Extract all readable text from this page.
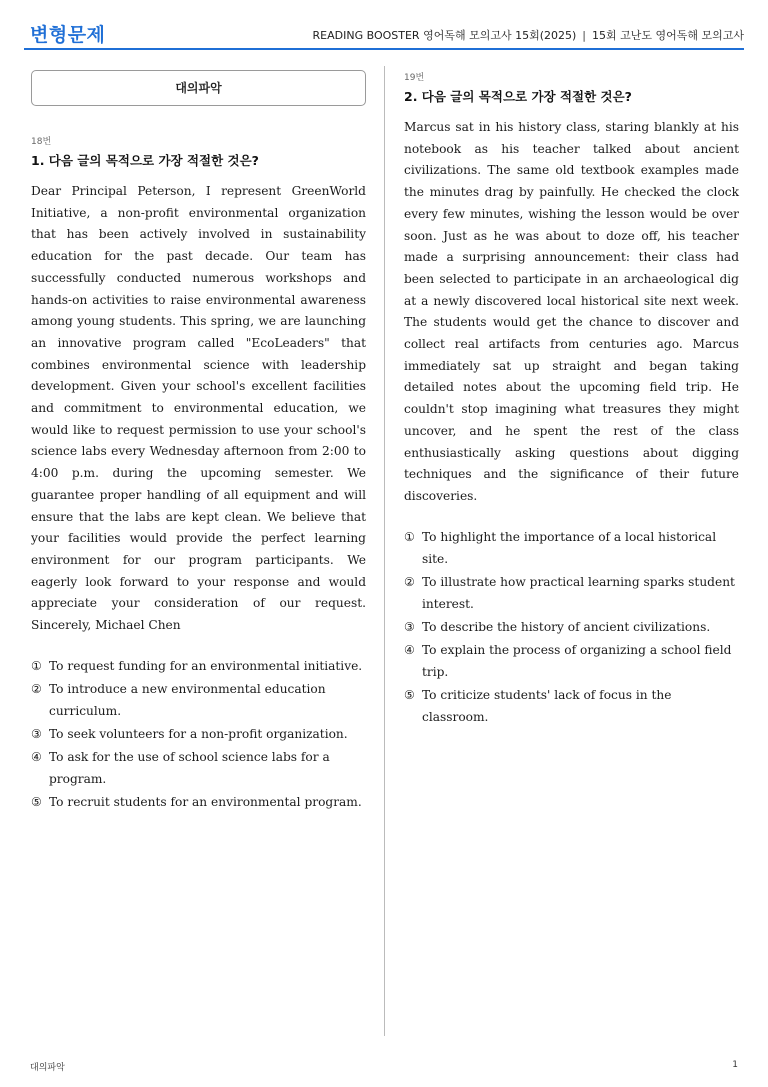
변형문제	READING BOOSTER 영어독해 모의고사 15회(2025) | 15회 고난도 영어독해 모의고사
대의파악
18번
1. 다음 글의 목적으로 가장 적절한 것은?
Dear Principal Peterson, I represent GreenWorld Initiative, a non-profit environmental organization that has been actively involved in sustainability education for the past decade. Our team has successfully conducted numerous workshops and hands-on activities to raise environmental awareness among young students. This spring, we are launching an innovative program called "EcoLeaders" that combines environmental science with leadership development. Given your school's excellent facilities and commitment to environmental education, we would like to request permission to use your school's science labs every Wednesday afternoon from 2:00 to 4:00 p.m. during the upcoming semester. We guarantee proper handling of all equipment and will ensure that the labs are kept clean. We believe that your facilities would provide the perfect learning environment for our program participants. We eagerly look forward to your response and would appreciate your consideration of our request. Sincerely, Michael Chen
① To request funding for an environmental initiative.
② To introduce a new environmental education curriculum.
③ To seek volunteers for a non-profit organization.
④ To ask for the use of school science labs for a program.
⑤ To recruit students for an environmental program.
19번
2. 다음 글의 목적으로 가장 적절한 것은?
Marcus sat in his history class, staring blankly at his notebook as his teacher talked about ancient civilizations. The same old textbook examples made the minutes drag by painfully. He checked the clock every few minutes, wishing the lesson would be over soon. Just as he was about to doze off, his teacher made a surprising announcement: their class had been selected to participate in an archaeological dig at a newly discovered local historical site next week. The students would get the chance to discover and collect real artifacts from centuries ago. Marcus immediately sat up straight and began taking detailed notes about the upcoming field trip. He couldn't stop imagining what treasures they might uncover, and he spent the rest of the class enthusiastically asking questions about digging techniques and the significance of their future discoveries.
① To highlight the importance of a local historical site.
② To illustrate how practical learning sparks student interest.
③ To describe the history of ancient civilizations.
④ To explain the process of organizing a school field trip.
⑤ To criticize students' lack of focus in the classroom.
대의파악	1
